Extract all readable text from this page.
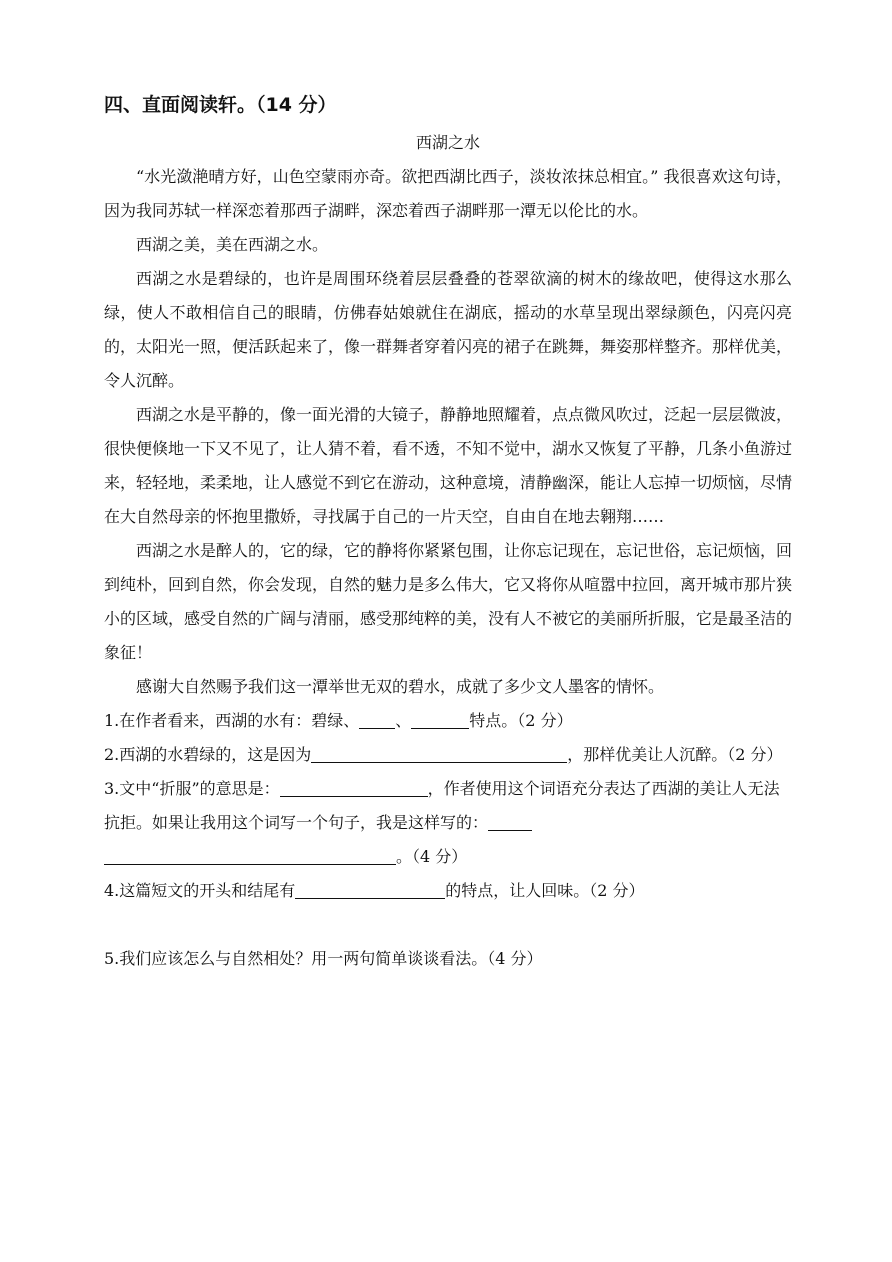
四、直面阅读轩。（14 分）
西湖之水

“水光潋滟晴方好，山色空蒙雨亦奇。欲把西湖比西子，淡妆浓抹总相宜。” 我很喜欢这句诗，因为我同苏轼一样深恋着那西子湖畔，深恋着西子湖畔那一潭无以伦比的水。

西湖之美，美在西湖之水。

西湖之水是碧绿的，也许是周围环绕着层层叠叠的苍翠欲滴的树木的缘故吧，使得这水那么绿，使人不敢相信自己的眼睛，仿佛春姑娘就住在湖底，摇动的水草呈现出翠绿颜色，闪亮闪亮的，太阳光一照，便活跃起来了，像一群舞者穿着闪亮的裙子在跳舞，舞姿那样整齐。那样优美，令人沉醉。

西湖之水是平静的，像一面光滑的大镜子，静静地照耀着，点点微风吹过，泛起一层层微波，很快便倏地一下又不见了，让人猜不着，看不透，不知不觉中，湖水又恢复了平静，几条小鱼游过来，轻轻地，柔柔地，让人感觉不到它在游动，这种意境，清静幽深，能让人忘掉一切烦恼，尽情在大自然母亲的怀抱里撒娇，寻找属于自己的一片天空，自由自在地去翱翔……

西湖之水是醉人的，它的绿，它的静将你紧紧包围，让你忘记现在，忘记世俗，忘记烦恼，回到纯朴，回到自然，你会发现，自然的魅力是多么伟大，它又将你从喧嚣中拉回，离开城市那片狭小的区域，感受自然的广阔与清丽，感受那纯粹的美，没有人不被它的美丽所折服，它是最圣洁的象征！

感谢大自然赐予我们这一潭举世无双的碧水，成就了多少文人墨客的情怀。

1.在作者看来，西湖的水有：碧绿、 、	特点。（2 分）

2.西湖的水碧绿的，这是因为	，那样优美让人沉醉。（2 分）

3.文中“折服”的意思是：	，作者使用这个词语充分表达了西湖的美让人无法抗拒。如果让我用这个词写一个句子，我是这样写的：
。（4 分）

4.这篇短文的开头和结尾有	的特点，让人回味。（2 分）

5.我们应该怎么与自然相处？用一两句简单谈谈看法。（4 分）
